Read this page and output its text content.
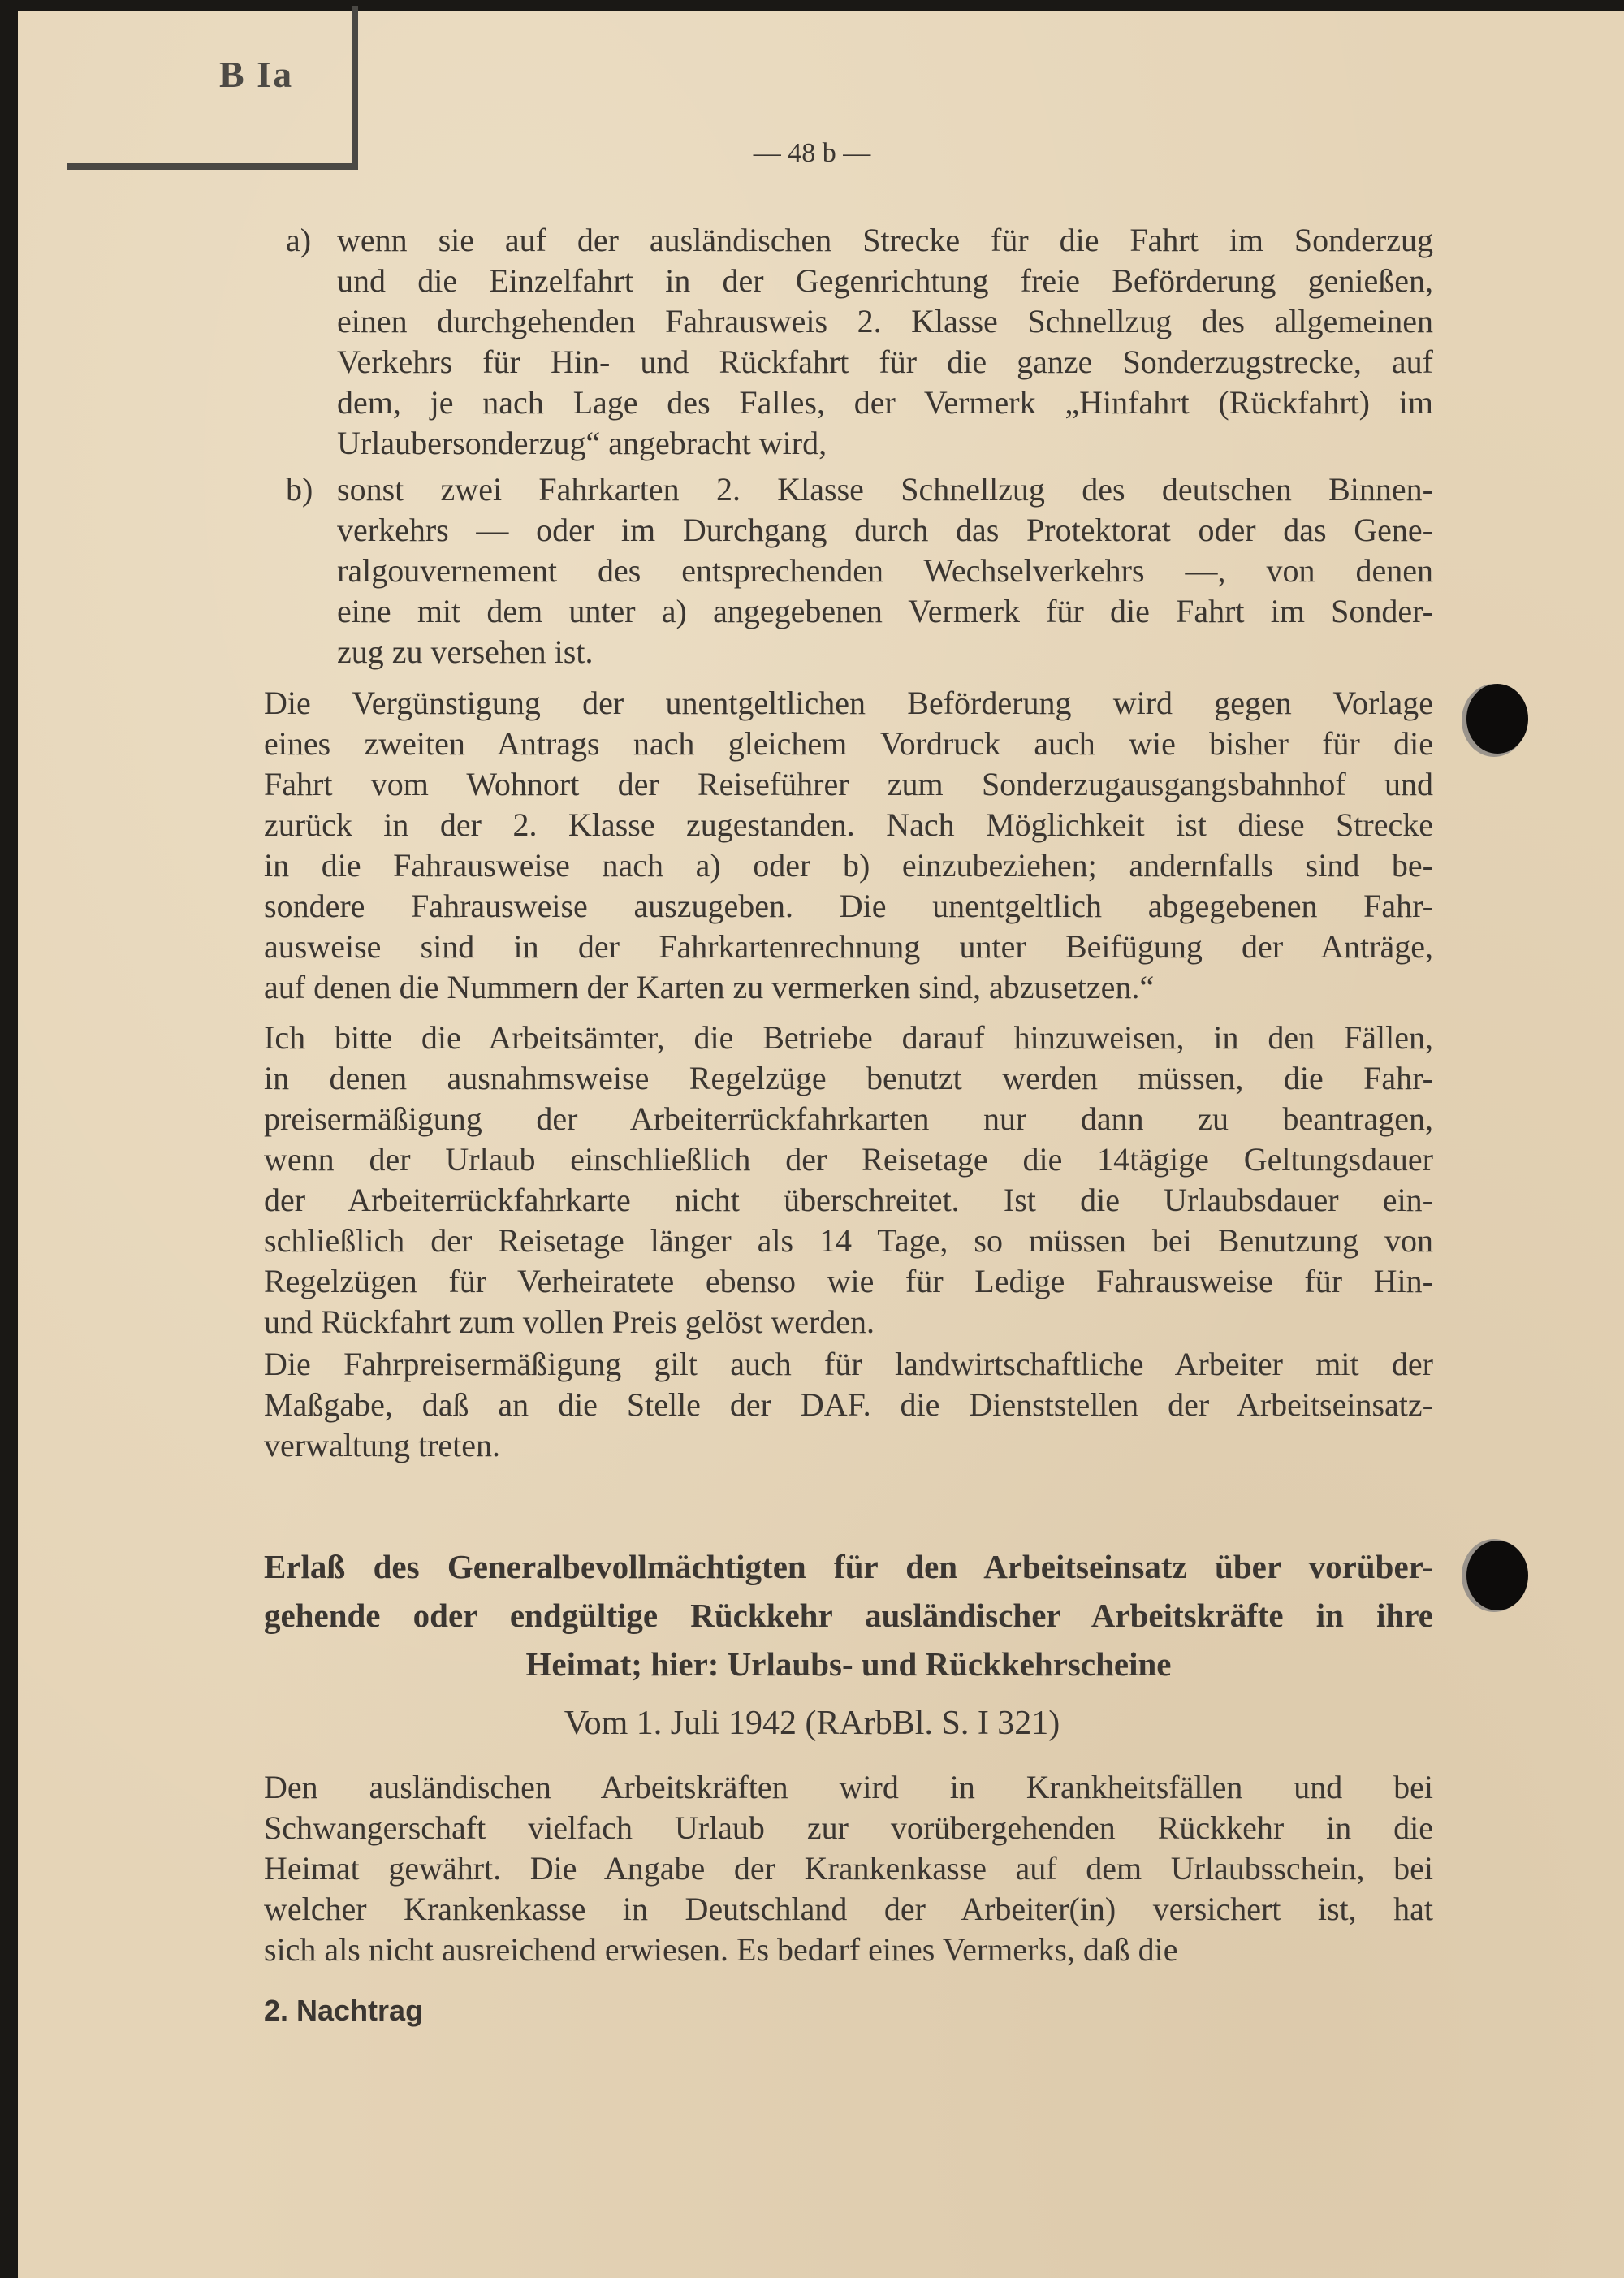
B Ia
— 48 b —
a) wenn sie auf der ausländischen Strecke für die Fahrt im Sonderzug
und die Einzelfahrt in der Gegenrichtung freie Beförderung genießen,
einen durchgehenden Fahrausweis 2. Klasse Schnellzug des allgemeinen
Verkehrs für Hin- und Rückfahrt für die ganze Sonderzugstrecke, auf
dem, je nach Lage des Falles, der Vermerk „Hinfahrt (Rückfahrt) im
Urlaubersonderzug“ angebracht wird,
b) sonst zwei Fahrkarten 2. Klasse Schnellzug des deutschen Binnen-
verkehrs — oder im Durchgang durch das Protektorat oder das Gene-
ralgouvernement des entsprechenden Wechselverkehrs —, von denen
eine mit dem unter a) angegebenen Vermerk für die Fahrt im Sonder-
zug zu versehen ist.
Die Vergünstigung der unentgeltlichen Beförderung wird gegen Vorlage
eines zweiten Antrags nach gleichem Vordruck auch wie bisher für die
Fahrt vom Wohnort der Reiseführer zum Sonderzugausgangsbahnhof und
zurück in der 2. Klasse zugestanden. Nach Möglichkeit ist diese Strecke
in die Fahrausweise nach a) oder b) einzubeziehen; andernfalls sind be-
sondere Fahrausweise auszugeben. Die unentgeltlich abgegebenen Fahr-
ausweise sind in der Fahrkartenrechnung unter Beifügung der Anträge,
auf denen die Nummern der Karten zu vermerken sind, abzusetzen.“
Ich bitte die Arbeitsämter, die Betriebe darauf hinzuweisen, in den Fällen,
in denen ausnahmsweise Regelzüge benutzt werden müssen, die Fahr-
preisermäßigung der Arbeiterrückfahrkarten nur dann zu beantragen,
wenn der Urlaub einschließlich der Reisetage die 14tägige Geltungsdauer
der Arbeiterrückfahrkarte nicht überschreitet. Ist die Urlaubsdauer ein-
schließlich der Reisetage länger als 14 Tage, so müssen bei Benutzung von
Regelzügen für Verheiratete ebenso wie für Ledige Fahrausweise für Hin-
und Rückfahrt zum vollen Preis gelöst werden.
Die Fahrpreisermäßigung gilt auch für landwirtschaftliche Arbeiter mit der
Maßgabe, daß an die Stelle der DAF. die Dienststellen der Arbeitseinsatz-
verwaltung treten.
Erlaß des Generalbevollmächtigten für den Arbeitseinsatz über vorüber-
gehende oder endgültige Rückkehr ausländischer Arbeitskräfte in ihre
Heimat; hier: Urlaubs- und Rückkehrscheine
Vom 1. Juli 1942 (RArbBl. S. I 321)
Den ausländischen Arbeitskräften wird in Krankheitsfällen und bei
Schwangerschaft vielfach Urlaub zur vorübergehenden Rückkehr in die
Heimat gewährt. Die Angabe der Krankenkasse auf dem Urlaubsschein, bei
welcher Krankenkasse in Deutschland der Arbeiter(in) versichert ist, hat
sich als nicht ausreichend erwiesen. Es bedarf eines Vermerks, daß die
2. Nachtrag
